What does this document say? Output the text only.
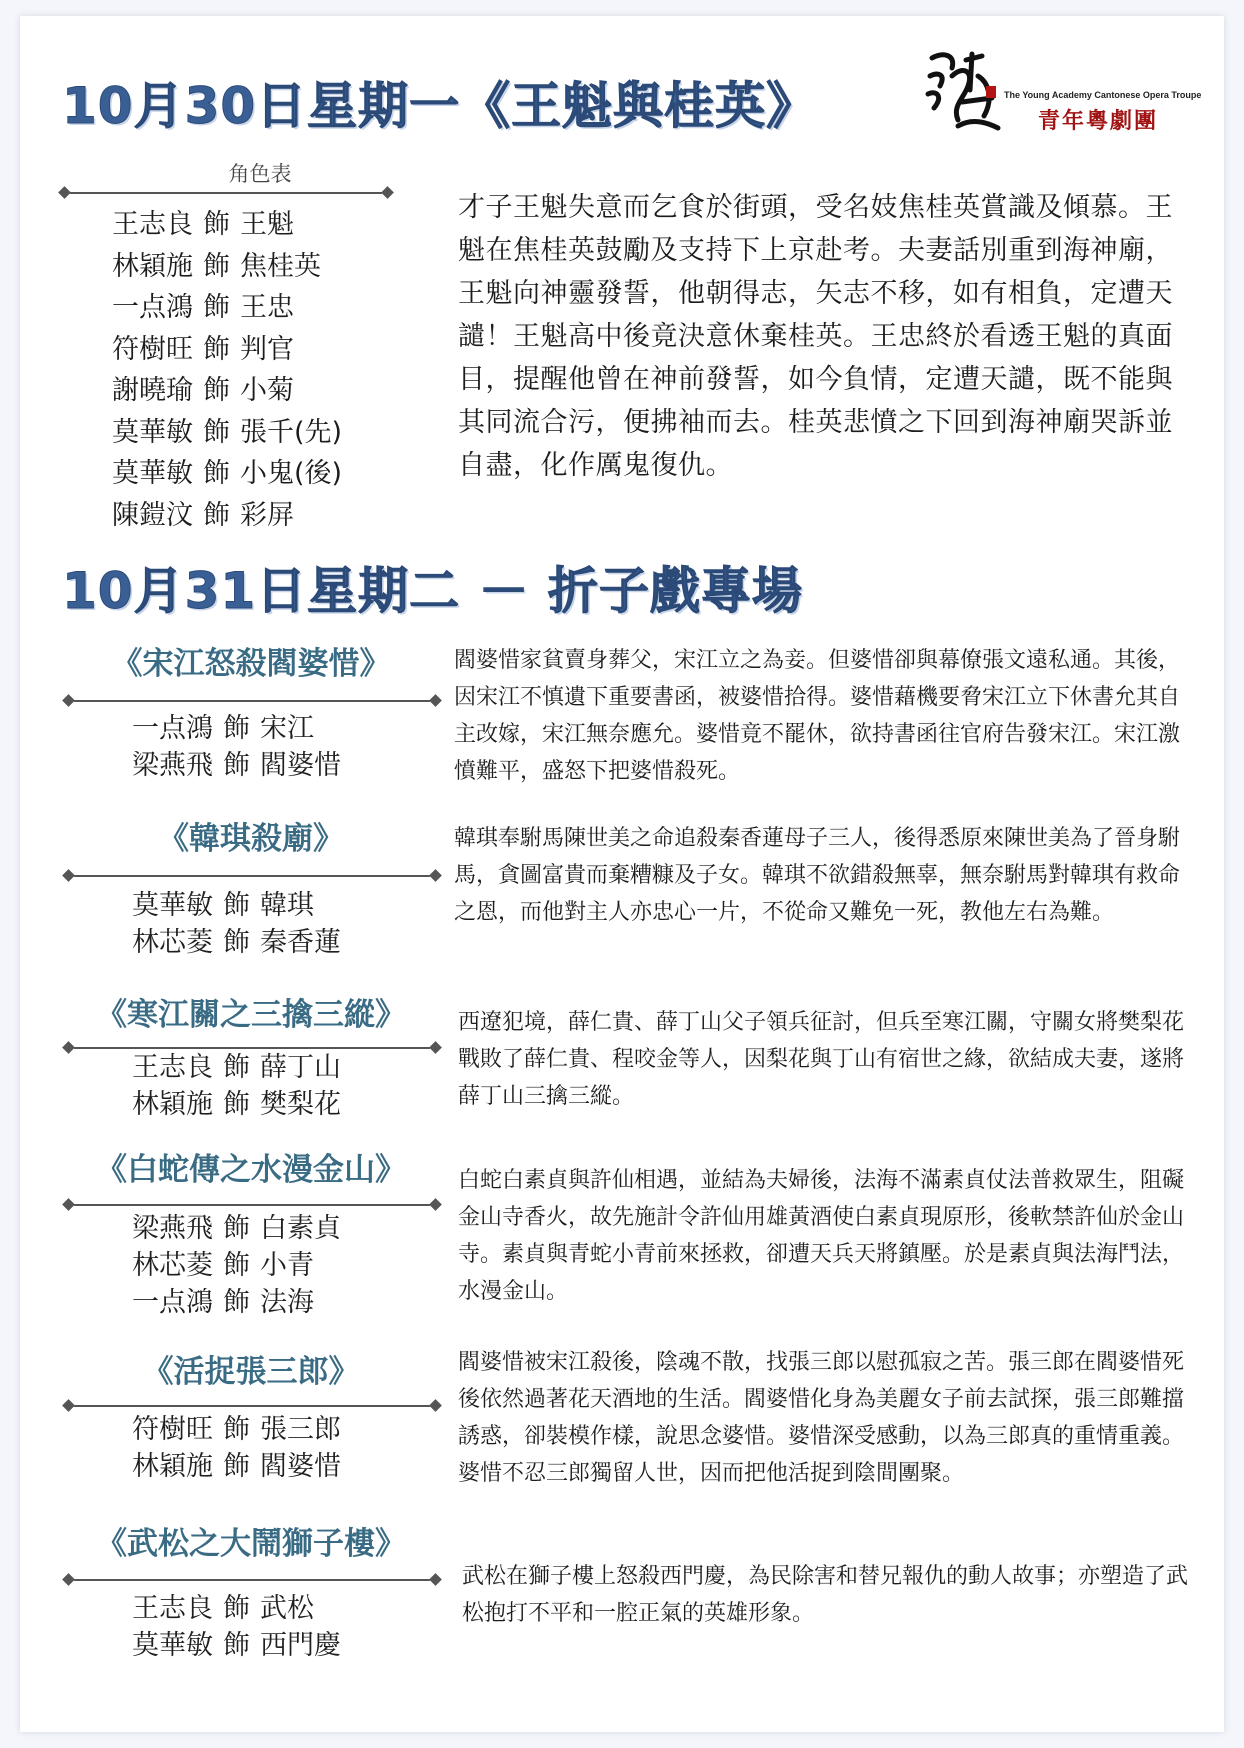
The Young Academy Cantonese Opera Troupe
青年粵劇團
10月30日星期一《王魁與桂英》
角色表
王志良 飾 王魁
林穎施 飾 焦桂英
一点鴻 飾 王忠
符樹旺 飾 判官
謝曉瑜 飾 小菊
莫華敏 飾 張千(先)
莫華敏 飾 小鬼(後)
陳鎧汶 飾 彩屏

才子王魁失意而乞食於街頭，受名妓焦桂英賞識及傾慕。王魁在焦桂英鼓勵及支持下上京赴考。夫妻話別重到海神廟，王魁向神靈發誓，他朝得志，矢志不移，如有相負，定遭天譴！王魁高中後竟決意休棄桂英。王忠終於看透王魁的真面目，提醒他曾在神前發誓，如今負情，定遭天譴，既不能與其同流合污，便拂袖而去。桂英悲憤之下回到海神廟哭訴並自盡，化作厲鬼復仇。

10月31日星期二 － 折子戲專場
《宋江怒殺閻婆惜》
一点鴻 飾 宋江
梁燕飛 飾 閻婆惜

閻婆惜家貧賣身葬父，宋江立之為妾。但婆惜卻與幕僚張文遠私通。其後，因宋江不慎遺下重要書函，被婆惜拾得。婆惜藉機要脅宋江立下休書允其自主改嫁，宋江無奈應允。婆惜竟不罷休，欲持書函往官府告發宋江。宋江激憤難平，盛怒下把婆惜殺死。

《韓琪殺廟》
莫華敏 飾 韓琪
林芯菱 飾 秦香蓮

韓琪奉駙馬陳世美之命追殺秦香蓮母子三人，後得悉原來陳世美為了晉身駙馬，貪圖富貴而棄糟糠及子女。韓琪不欲錯殺無辜，無奈駙馬對韓琪有救命之恩，而他對主人亦忠心一片，不從命又難免一死，教他左右為難。

《寒江關之三擒三縱》
王志良 飾 薛丁山
林穎施 飾 樊梨花

西遼犯境，薛仁貴、薛丁山父子領兵征討，但兵至寒江關，守關女將樊梨花戰敗了薛仁貴、程咬金等人，因梨花與丁山有宿世之緣，欲結成夫妻，遂將薛丁山三擒三縱。

《白蛇傳之水漫金山》
梁燕飛 飾 白素貞
林芯菱 飾 小青
一点鴻 飾 法海

白蛇白素貞與許仙相遇，並結為夫婦後，法海不滿素貞仗法普救眾生，阻礙金山寺香火，故先施計令許仙用雄黃酒使白素貞現原形，後軟禁許仙於金山寺。素貞與青蛇小青前來拯救，卻遭天兵天將鎮壓。於是素貞與法海鬥法，水漫金山。

《活捉張三郎》
符樹旺 飾 張三郎
林穎施 飾 閻婆惜

閻婆惜被宋江殺後，陰魂不散，找張三郎以慰孤寂之苦。張三郎在閻婆惜死後依然過著花天酒地的生活。閻婆惜化身為美麗女子前去試探，張三郎難擋誘惑，卻裝模作樣，說思念婆惜。婆惜深受感動，以為三郎真的重情重義。婆惜不忍三郎獨留人世，因而把他活捉到陰間團聚。

《武松之大鬧獅子樓》
王志良 飾 武松
莫華敏 飾 西門慶

武松在獅子樓上怒殺西門慶，為民除害和替兄報仇的動人故事；亦塑造了武松抱打不平和一腔正氣的英雄形象。
